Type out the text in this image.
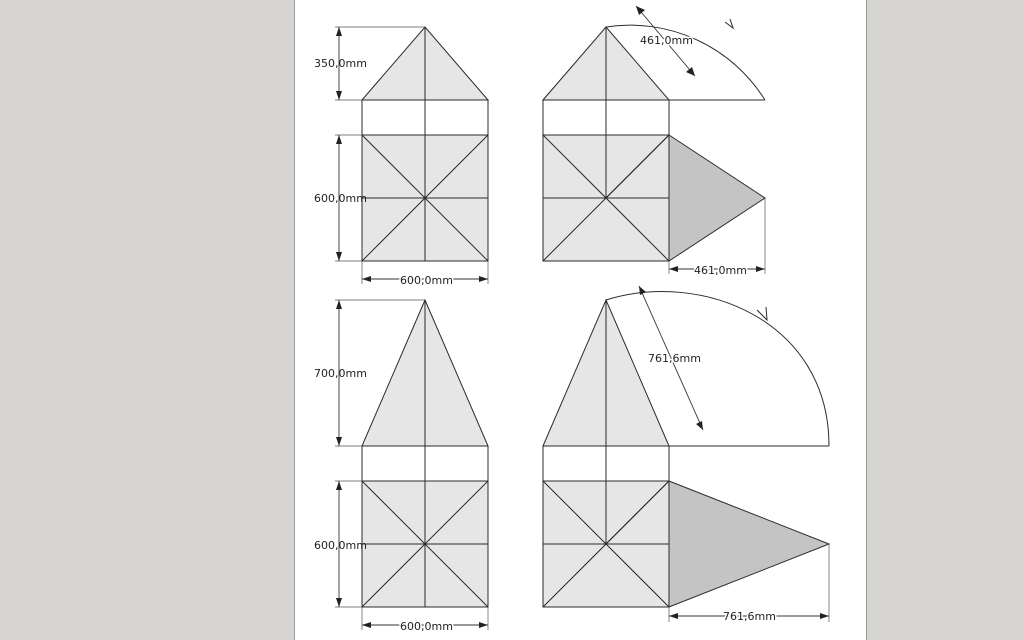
350,0mm
600,0mm
600,0mm
461,0mm
461,0mm
700,0mm
600,0mm
600,0mm
761,6mm
761,6mm
